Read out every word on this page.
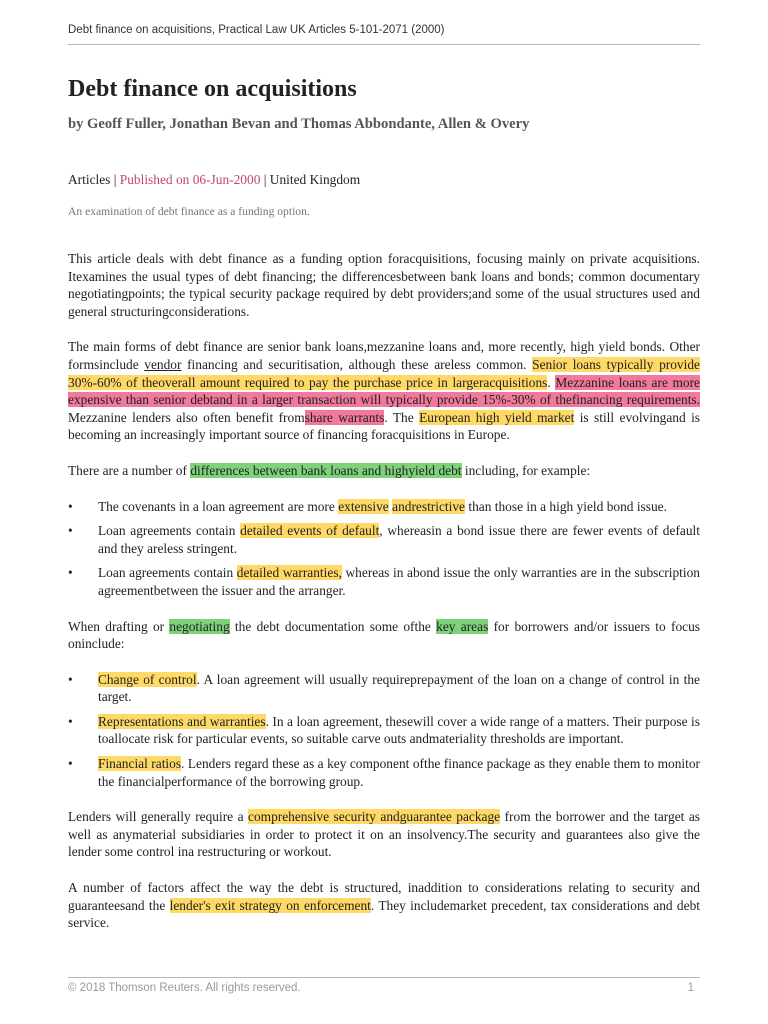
Debt finance on acquisitions, Practical Law UK Articles 5-101-2071 (2000)
Debt finance on acquisitions

by Geoff Fuller, Jonathan Bevan and Thomas Abbondante, Allen & Overy

Articles | Published on 06-Jun-2000 | United Kingdom
An examination of debt finance as a funding option.

This article deals with debt finance as a funding option foracquisitions, focusing mainly on private acquisitions. Itexamines the usual types of debt financing; the differencesbetween bank loans and bonds; common documentary negotiatingpoints; the typical security package required by debt providers;and some of the usual structures used and general structuringconsiderations.

The main forms of debt finance are senior bank loans,mezzanine loans and, more recently, high yield bonds. Other formsinclude vendor financing and securitisation, although these areless common. Senior loans typically provide 30%-60% of theoverall amount required to pay the purchase price in largeracquisitions. Mezzanine loans are more expensive than senior debtand in a larger transaction will typically provide 15%-30% of thefinancing requirements. Mezzanine lenders also often benefit fromshare warrants. The European high yield market is still evolvingand is becoming an increasingly important source of financing foracquisitions in Europe.

There are a number of differences between bank loans and highyield debt including, for example:

• The covenants in a loan agreement are more extensive andrestrictive than those in a high yield bond issue.
• Loan agreements contain detailed events of default, whereasin a bond issue there are fewer events of default and they areless stringent.
• Loan agreements contain detailed warranties, whereas in abond issue the only warranties are in the subscription agreementbetween the issuer and the arranger.

When drafting or negotiating the debt documentation some ofthe key areas for borrowers and/or issuers to focus oninclude:

• Change of control. A loan agreement will usually requireprepayment of the loan on a change of control in the target.
• Representations and warranties. In a loan agreement, thesewill cover a wide range of a matters. Their purpose is toallocate risk for particular events, so suitable carve outs andmateriality thresholds are important.
• Financial ratios. Lenders regard these as a key component ofthe finance package as they enable them to monitor the financialperformance of the borrowing group.

Lenders will generally require a comprehensive security andguarantee package from the borrower and the target as well as anymaterial subsidiaries in order to protect it on an insolvency.The security and guarantees also give the lender some control ina restructuring or workout.

A number of factors affect the way the debt is structured, inaddition to considerations relating to security and guaranteesand the lender's exit strategy on enforcement. They includemarket precedent, tax considerations and debt service.

© 2018 Thomson Reuters. All rights reserved.	1
